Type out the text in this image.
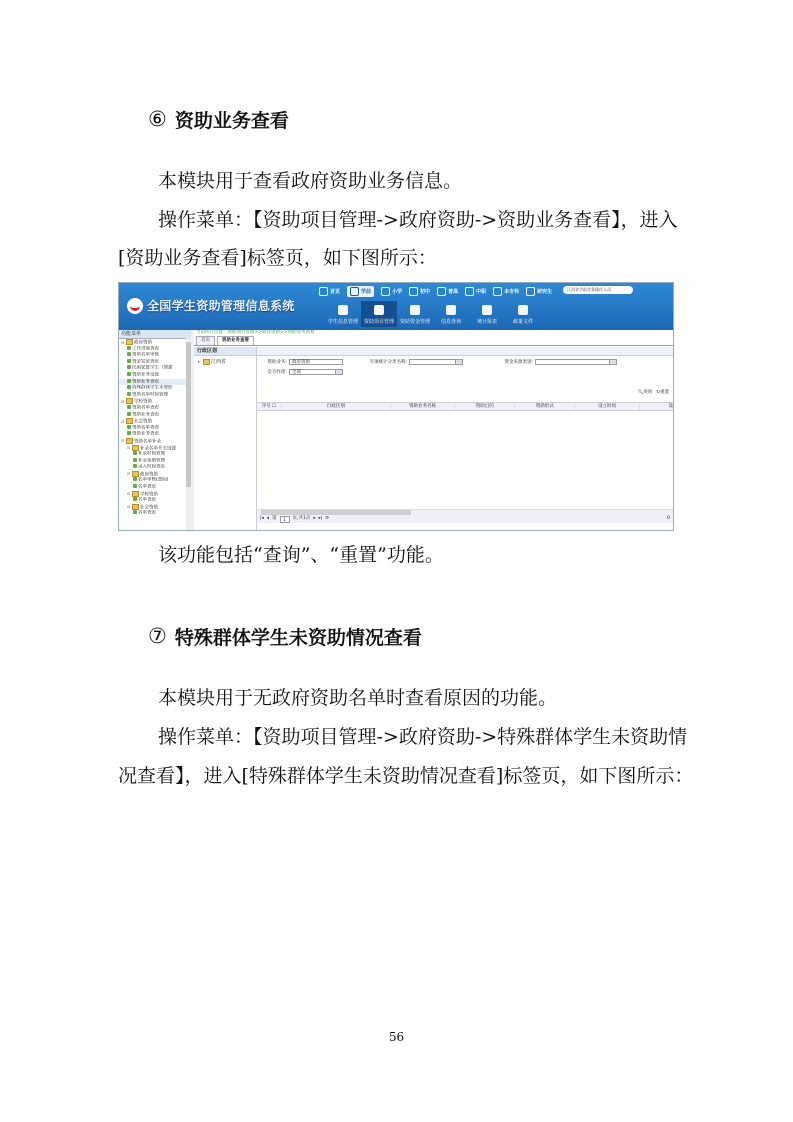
⑥ 资助业务查看
本模块用于查看政府资助业务信息。
操作菜单：【资助项目管理->政府资助->资助业务查看】，进入
[资助业务查看]标签页，如下图所示：
全国学生资助管理信息系统
首页	学前	小学	初中	普高	中职	本专科	研究生	江西省学前业务操作人员
学生信息管理 资助项目管理 资助资金管理 信息查询	统计报表	政策文件
功能菜单
⊟ 政府资助
工作进展查看
资助名单审核
资金发放查看
民困家庭学生（情建
资助业务设置
资助业务查看
特殊群体学生未资助
资助名单时间管理
⊟ 学校资助
资助名单查看
资助业务查看
⊟ 社会资助
资助名单查看
资助业务查看
⊟ 资助名单补录
⊟ 补录名单开关设置
补录时间管理
补录延期管理
录入时间查看
⊟ 政府资助
名单审核(查阅)
名单查看
⊟ 学校资助
名单查看
⊟ 社会资助
名单查看
当前所在位置：资助项目管理>>政府资助>>资助业务查看
首页	资助业务查看
行政区划
▸ 江西省	资助业务:	政府资助	专项统计分类名称:	资金来源类别:
是否作废:	全部
🔍查询 ↻重置
序号 ☐	行政区划	资助业务名称	资助目的	资助形式	设立时间	设
|◂ ◂ 第	1	页,共1页 ▸ ▸| ⟳	0
该功能包括“查询”、“重置”功能。
⑦ 特殊群体学生未资助情况查看
本模块用于无政府资助名单时查看原因的功能。
操作菜单：【资助项目管理->政府资助->特殊群体学生未资助情
况查看】，进入[特殊群体学生未资助情况查看]标签页，如下图所示：
56
